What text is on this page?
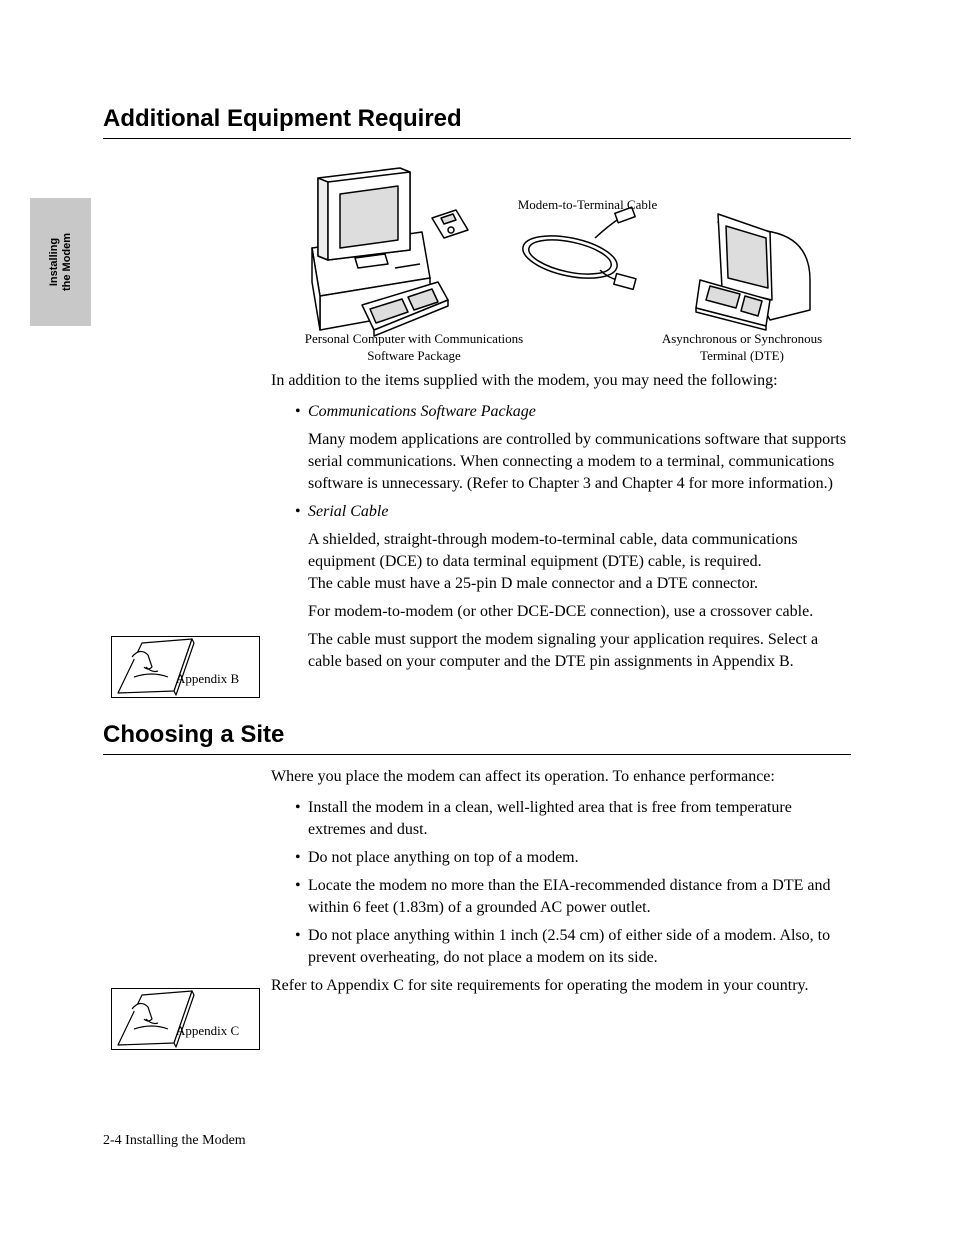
Installing the Modem
Additional Equipment Required
Personal Computer with Communications
Software Package
Modem-to-Terminal Cable
Asynchronous or Synchronous
Terminal (DTE)

In addition to the items supplied with the modem, you may need the following:

• Communications Software Package

Many modem applications are controlled by communications software that supports serial communications. When connecting a modem to a terminal, communications software is unnecessary. (Refer to Chapter 3 and Chapter 4 for more information.)

• Serial Cable

A shielded, straight-through modem-to-terminal cable, data communications equipment (DCE) to data terminal equipment (DTE) cable, is required.
The cable must have a 25-pin D male connector and a DTE connector.

For modem-to-modem (or other DCE-DCE connection), use a crossover cable.

The cable must support the modem signaling your application requires. Select a cable based on your computer and the DTE pin assignments in Appendix B.

Appendix B
Choosing a Site

Where you place the modem can affect its operation. To enhance performance:

• Install the modem in a clean, well-lighted area that is free from temperature extremes and dust.

• Do not place anything on top of a modem.

• Locate the modem no more than the EIA-recommended distance from a DTE and within 6 feet (1.83m) of a grounded AC power outlet.

• Do not place anything within 1 inch (2.54 cm) of either side of a modem. Also, to prevent overheating, do not place a modem on its side.

Refer to Appendix C for site requirements for operating the modem in your country.

Appendix C
2-4 Installing the Modem
